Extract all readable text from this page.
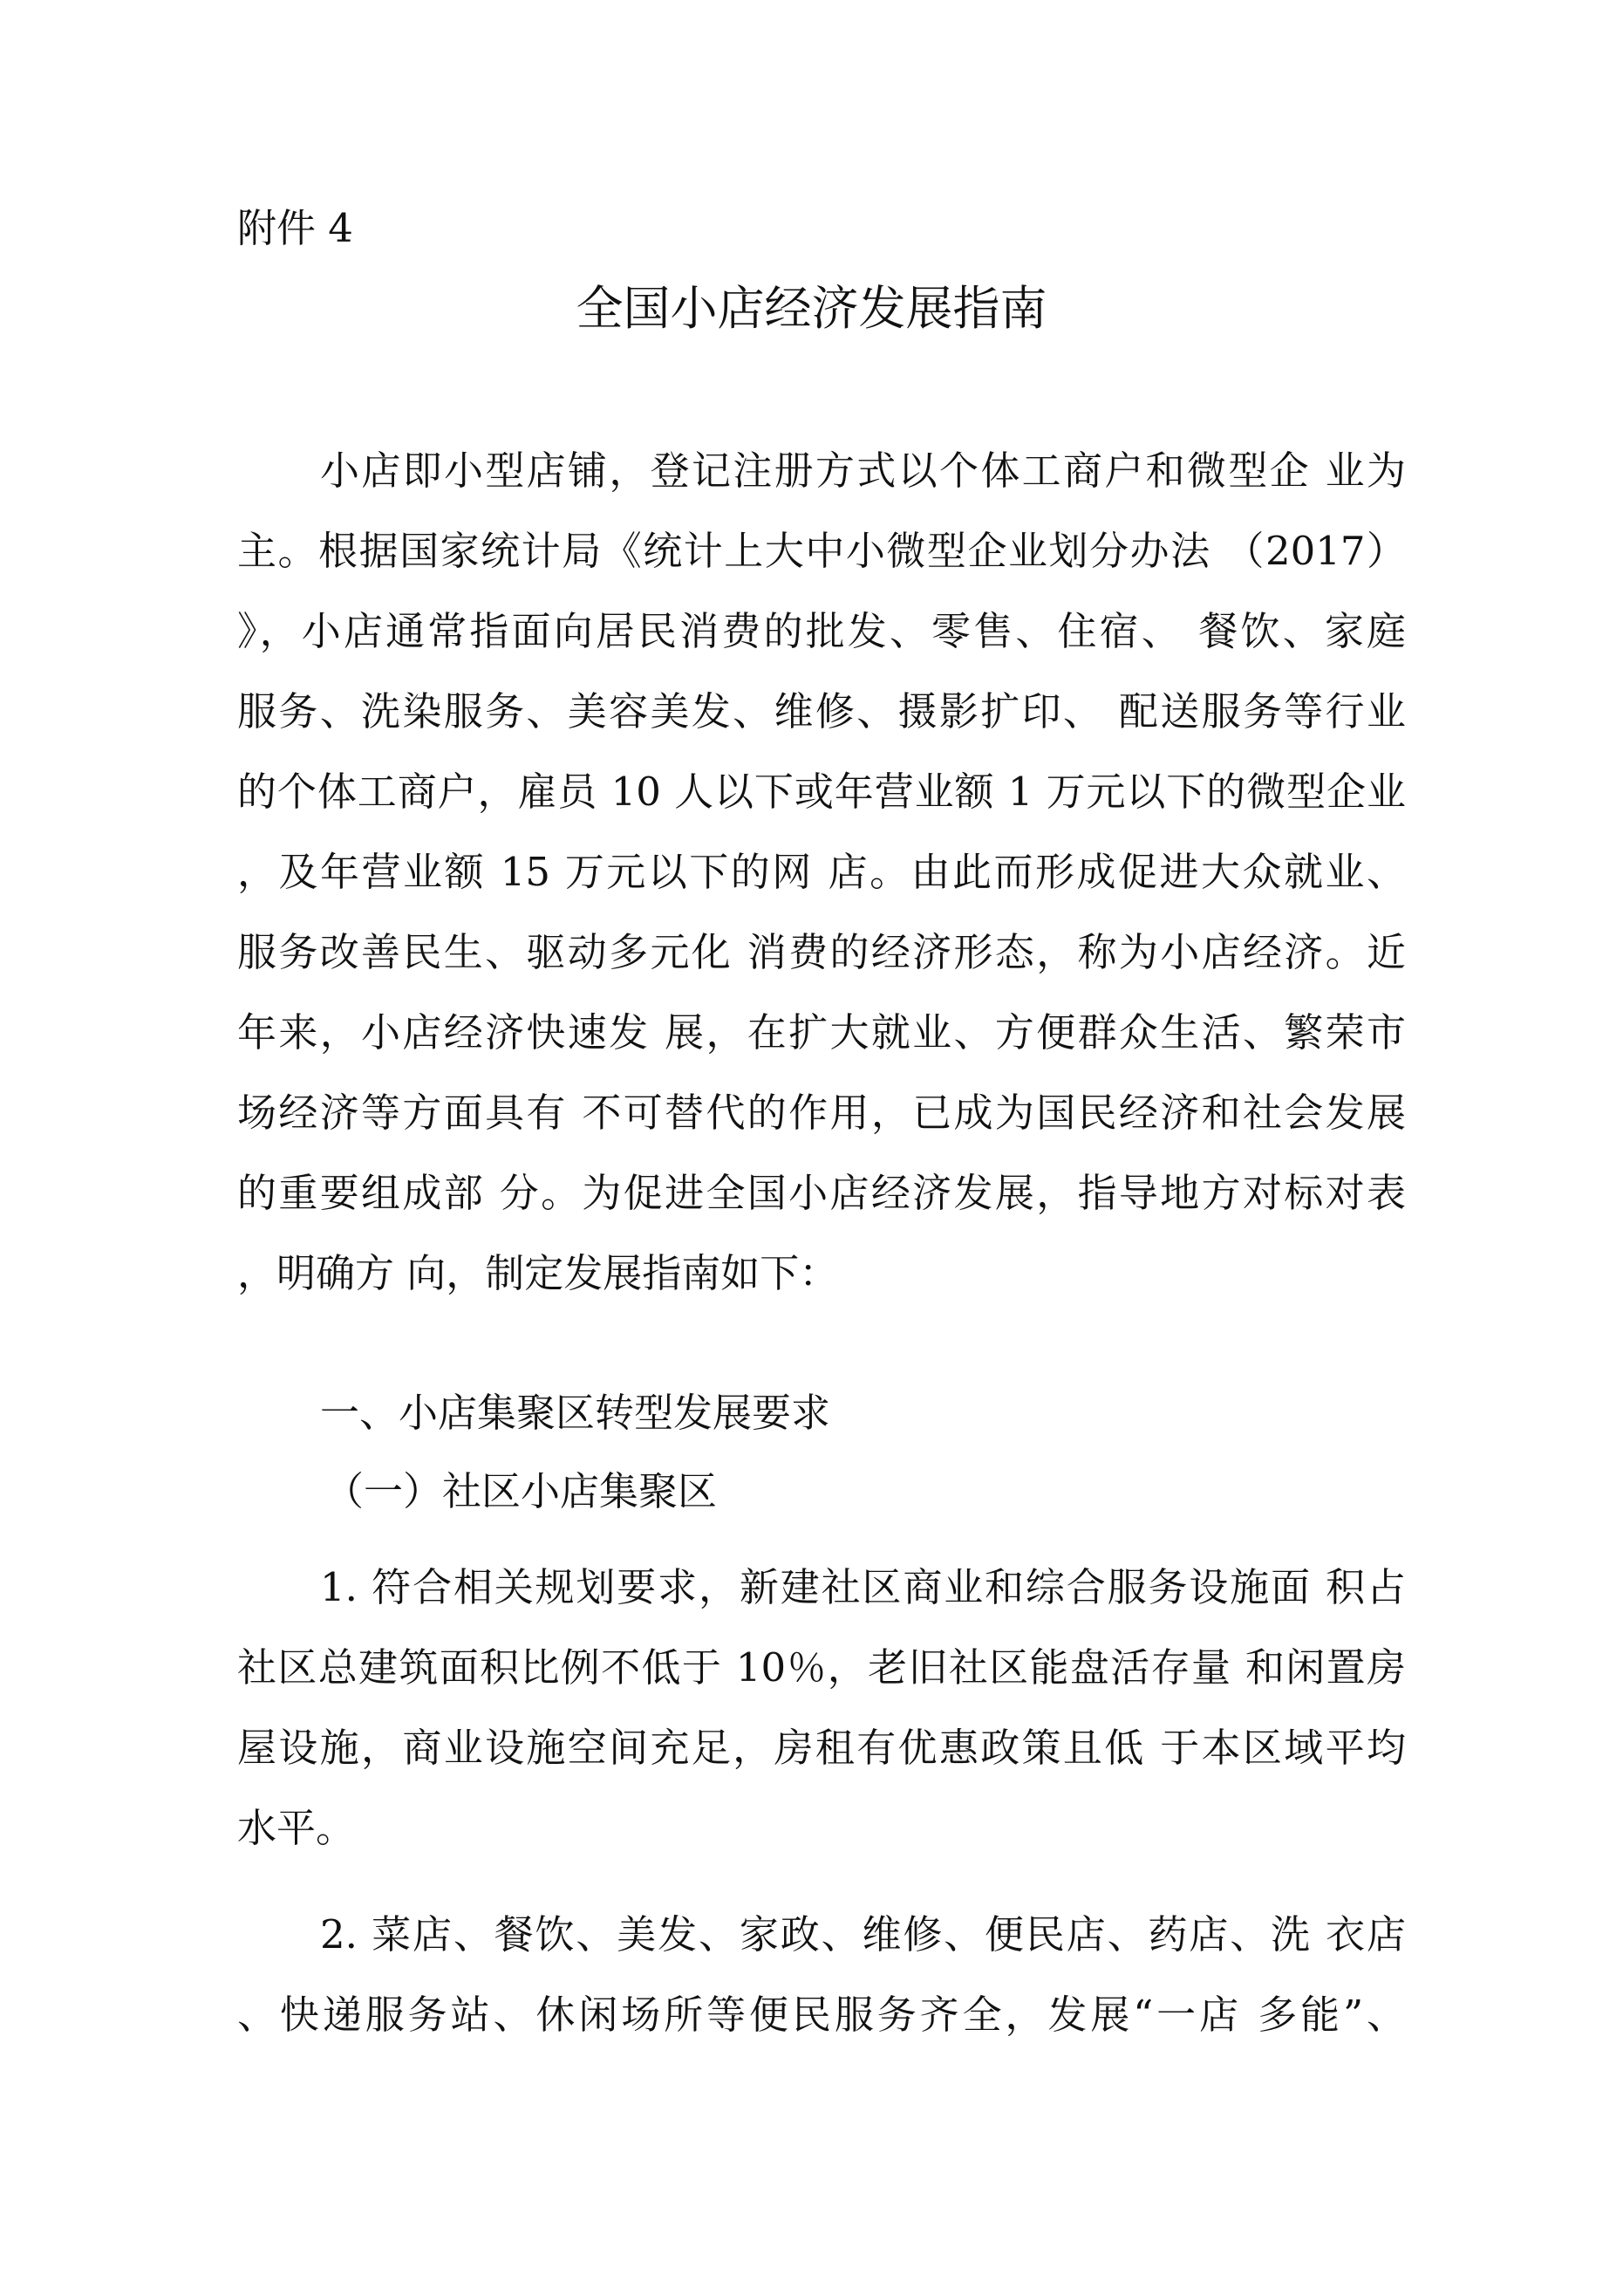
附件 4
全国小店经济发展指南
小店即小型店铺，登记注册方式以个体工商户和微型企 业为
主。根据国家统计局《统计上大中小微型企业划分办法 （2017）
》，小店通常指面向居民消费的批发、零售、住宿、 餐饮、家庭
服务、洗染服务、美容美发、维修、摄影扩印、 配送服务等行业
的个体工商户，雇员 10 人以下或年营业额 1 万元以下的微型企业
，及年营业额 15 万元以下的网 店。由此而形成促进大众就业、
服务改善民生、驱动多元化 消费的经济形态，称为小店经济。近
年来，小店经济快速发 展，在扩大就业、方便群众生活、繁荣市
场经济等方面具有 不可替代的作用，已成为国民经济和社会发展
的重要组成部 分。为促进全国小店经济发展，指导地方对标对表
，明确方 向，制定发展指南如下：
一、小店集聚区转型发展要求
（一）社区小店集聚区
1. 符合相关规划要求，新建社区商业和综合服务设施面 积占
社区总建筑面积比例不低于 10％，老旧社区能盘活存量 和闲置房
屋设施，商业设施空间充足，房租有优惠政策且低 于本区域平均
水平。
2. 菜店、餐饮、美发、家政、维修、便民店、药店、洗 衣店
、快递服务站、休闲场所等便民服务齐全，发展“一店 多能”、
